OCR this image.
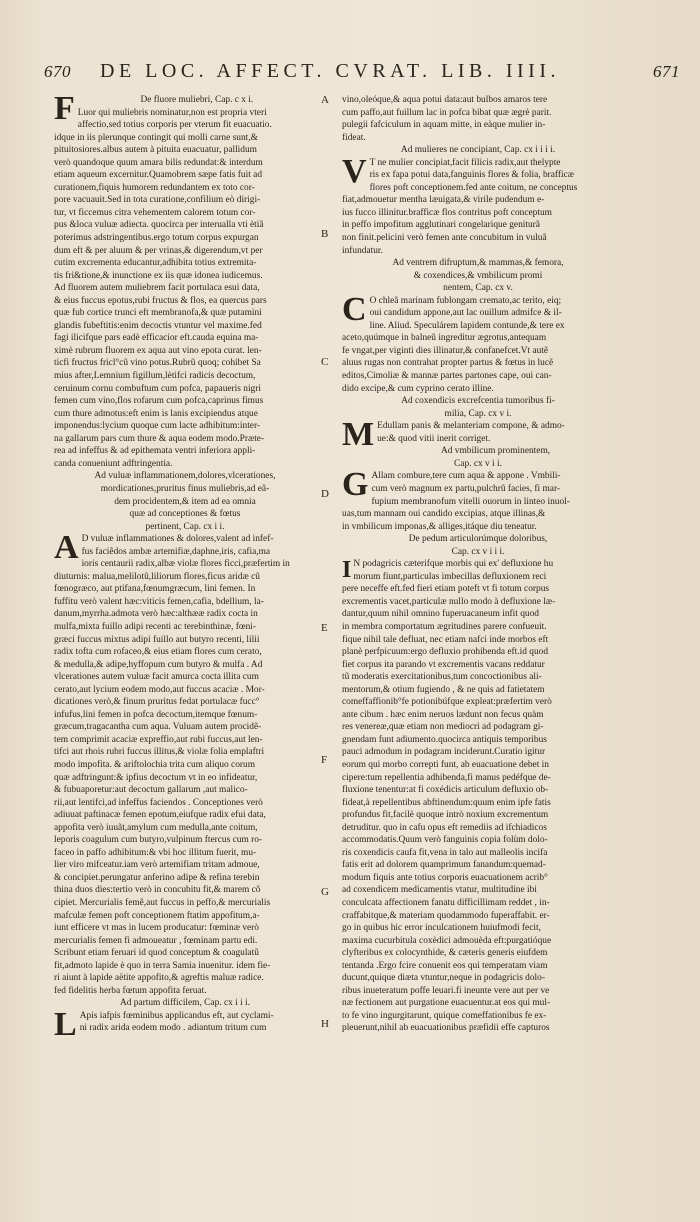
670 DE LOC. AFFECT. CVRAT. LIB. IIII.	671
F	De fluore muliebri, Cap. c x i.

Luor qui muliebris nominatur,non est propria vteri

affectio,sed totius corporis per vterum fit euacuatio.

idque in iis plerunque contingit qui molli carne sunt,&

pituitosiores.albus autem à pituita euacuatur, pallidum

verò quandoque quum amara bilis redundat:& interdum

etiam aqueum excernitur.Quamobrem sæpe fatis fuit ad

curationem,fiquis humorem redundantem ex toto cor-

pore vacuauit.Sed in tota curatione,confilium eò dirigi-

tur, vt ficcemus citra vehementem calorem totum cor-

pus &loca vuluæ adiecta. quocirca per interualla vti ètiã

poterimus adstringentibus.ergo totum corpus expurgan

dum eft & per aluum & per vrinas,& digerendum,vt per

cutim excrementa educantur,adhibita totius extremita-

tis fri&tione,& inunctione ex iis quæ idonea iudicemus.

Ad fluorem autem muliebrem facit portulaca esui data,

& eius fuccus epotus,rubi fructus & flos, ea quercus pars

quæ fub cortice trunci eft membranofa,& quæ putamini

glandis fubeftitis:enim decoctis vtuntur vel maxime.fed

fagi ilicifque pars eadè efficacior eft.cauda equina ma-

ximè rubrum fluorem ex aqua aut vino epota curat. len-

ticfi fructus fricl°cũ vino potus.Rubrũ quoq; cohibet Sa

mius after,Lemnium figillum,lètifci radicis decoctum,

ceruinum cornu combuftum cum pofca, papaueris nigri

femen cum vino,flos rofarum cum pofca,caprinus fimus

cum thure admotus:eft enim is lanis excipiendus atque

imponendus:lycium quoque cum lacte adhibitum:inter-

na gallarum pars cum thure & aqua eodem modo.Præte-

rea ad infeffus & ad epithemata ventri inferiora appli-

canda conueniunt adftringentia.

Ad vuluæ inflammationem,dolores,vlcerationes,

mordicationes,pruritus finus muliebris,ad eã-

dem procidentem,& item ad ea omnia

quæ ad conceptiones & fœtus

pertinent, Cap. cx i i.

A D vuluæ inflammationes & dolores,valent ad infef-

fus faciẽdos ambæ artemifiæ,daphne,iris, cafia,ma

ioris centaurii radix,albæ violæ flores ficci,præfertim in

diuturnis: malua,melilotũ,liliorum flores,ficus aridæ cũ

fœnogræco, aut ptifana,fœnumgræcum, lini femen. In

fuffitu verò valent hæc:viticis femen,cafia, bdellium, la-

danum,myrrha.admota verò hæc:althææ radix cocta in

mulfa,mixta fuillo adipi recenti ac terebinthinæ, fœni-

græci fuccus mixtus adipi fuillo aut butyro recenti, lilii

radix tofta cum rofaceo,& eius etiam flores cum cerato,

& medulla,& adipe,hyffopum cum butyro & mulfa . Ad

vlcerationes autem vuluæ facit amurca cocta illita cum

cerato,aut lycium eodem modo,aut fuccus acaciæ . Mor-

dicationes verò,& finum pruritus fedat portulacæ fucc°

infufus,lini femen in pofca decoctum,itemque fœnum-

græcum,tragacantha cum aqua. Vuluam autem procidẽ-

tem comprimit acaciæ expreffio,aut rubi fuccus,aut len-

tifci aut rhois rubri fuccus illitus,& violæ folia emplaftri

modo impofita. & ariftolochia trita cum aliquo corum

quæ adftringunt:& ipfius decoctum vt in eo infideatur,

& fubuaporetur:aut decoctum gallarum ,aut malico-

rii,aut lentifci,ad infeffus faciendos . Conceptiones verò

adiuuat paftinacæ femen epotum,eiufque radix efui data,

appofita verò iuuãt,amylum cum medulla,ante coitum,

leporis coagulum cum butyro,vulpinum ftercus cum ro-

faceo in paffo adhibitum:& vbi hoc illitum fuerit, mu-

lier viro mifceatur.iam verò artemifiam tritam admoue,

& concipiet.perungatur anferino adipe & refina terebin

thina duos dies:tertio verò in concubitu fit,& marem cõ

cipiet. Mercurialis femẽ,aut fuccus in peffo,& mercurialis

mafculæ femen poft conceptionem ftatim appofitum,a-

iunt efficere vt mas in lucem producatur: fœminæ verò

mercurialis femen fi admoueatur , fœminam partu edi.

Scribunt etiam feruari id quod conceptum & coagulatũ

fit,admoto lapide è quo in terra Samia inuenitur. idem fie-

ri aiunt à lapide aëtite appofito,& agreftis maluæ radice.

fed fidelitis herba fœtum appofita feruat.

Ad partum difficilem, Cap. cx i i i.

L Apis iafpis fœminibus applicandus eft, aut cyclami-

ni radix arida eodem modo . adiantum tritum cum

A
B
C
D
E
F
G
H

vino,oleóque,& aqua potui data:aut bulbos amaros tere

cum paffo,aut fuillum lac in pofca bibat quæ ægrè parit.

pulegii fafciculum in aquam mitte, in eàque mulier in-

fideat.

Ad mulieres ne concipiant, Cap. cx i i i i.

V T ne mulier concipiat,facit filicis radix,aut thelypte

ris ex fapa potui data,fanguinis flores & folia, brafficæ

flores poft conceptionem.fed ante coitum, ne conceptus

fiat,admouetur mentha læuigata,& virile pudendum e-

ius fucco illinitur.brafficæ flos contritus poft conceptum

in peffo impofitum agglutinari congelarique geniturã

non finit.pelicini verò femen ante concubitum in vuluã

infundatur.

Ad ventrem difruptum,& mammas,& femora,

& coxendices,& vmbilicum promi

nentem, Cap. cx v.

C O chleã marinam fublongam cremato,ac terito, eiq;

oui candidum appone,aut lac ouillum admifce & il-

line. Aliud. Speculárem lapidem contunde,& tere ex

aceto,quúmque in balneũ ingreditur ægrotus,antequam

fe vngat,per viginti dies illinatur,& confanefcet.Vt autẽ

aluus rugas non contrahat propter partus & fœtus in lucẽ

editos,Cimoliæ & mannæ partes partones cape, oui can-

dido excipe,& cum cyprino cerato illine.

Ad coxendicis excrefcentia tumoribus fi-

milia, Cap. cx v i.

M Edullam panis & melanteriam compone, & admo-

ue:& quod vitii inerit corriget.

Ad vmbilicum prominentem,

Cap. cx v i i.

G Allam combure,tere cum aqua & appone . Vmbili-

cum verò magnum ex partu,pulchrũ facies, fi mar-

fupium membranofum vitelli ouorum in linteo inuol-

uas,tum mannam oui candido excipias, atque illinas,&

in vmbilicum imponas,& alliges,itáque diu teneatur.

De pedum articulorúmque doloribus,

Cap. cx v i i i.

I N podagricis cæterifque morbis qui ex' defluxione hu

morum fiunt,particulas imbecillas defluxionem reci

pere neceffe eft.fed fieri etiam poteft vt fi totum corpus

excrementis vacet,particulæ nullo modo à defluxione læ-

dantur,quum nihil omnino fuperuacaneum infit quod

in membra comportatum ægritudines parere confueuit.

fique nihil tale defluat, nec etiam nafci inde morbos eft

planè perfpicuum:ergo defluxio prohibenda eft.id quod

fiet corpus ita parando vt excrementis vacans reddatur

tũ moderatis exercitationibus,tum concoctionibus ali-

mentorum,& otium fugiendo , & ne quis ad fatietatem

comeffaffionib°fe potionibúfque expleat:præfertim verò

ante cibum . hæc enim neruos lædunt non fecus quàm

res venereæ,quæ etiam non mediocri ad podagram gi-

gnendam funt adiumento.quocirca antiquis temporibus

pauci admodum in podagram inciderunt.Curatio igitur

eorum qui morbo correpti funt, ab euacuatione debet in

cipere:tum repellentia adhibenda,fi manus pedéfque de-

fluxione tenentur:at fi coxédicis articulum defluxio ob-

fideat,à repellentibus abftinendum:quum enim ipfe fatis

profundus fit,facilè quoque intrò noxium excrementum

detruditur. quo in cafu opus eft remediis ad ifchiadicos

accommodatis.Quum verò fanguinis copia folùm dolo-

ris coxendicis caufa fit,vena in talo aut malleolis incifa

fatis erit ad dolorem quamprimum fanandum:quemad-

modum fiquis ante totius corporis euacuationem acrib°

ad coxendicem medicamentis vtatur, multitudine ibi

conculcata affectionem fanatu difficillimam reddet , in-

craffabitque,& materiam quodammodo fuperaffabit. er-

go in quibus hic error inculcationem huiufmodi fecit,

maxima cucurbitula coxèdici admouèda eft:purgatióque

clyfteribus ex colocynthide, & cæteris generis eiufdem

tentanda .Ergo fcire conuenit eos qui temperatam viam

ducunt,quique diæta vtuntur,neque in podagricis dolo-

ribus inueteratum poffe leuari.fi ineunte vere aut per ve

næ fectionem aut purgatione euacuentur.at eos qui mul-

to fe vino ingurgitarunt, quique comeffationibus fe ex-

pleuerunt,nihil ab euacuationibus præfidii effe capturos
